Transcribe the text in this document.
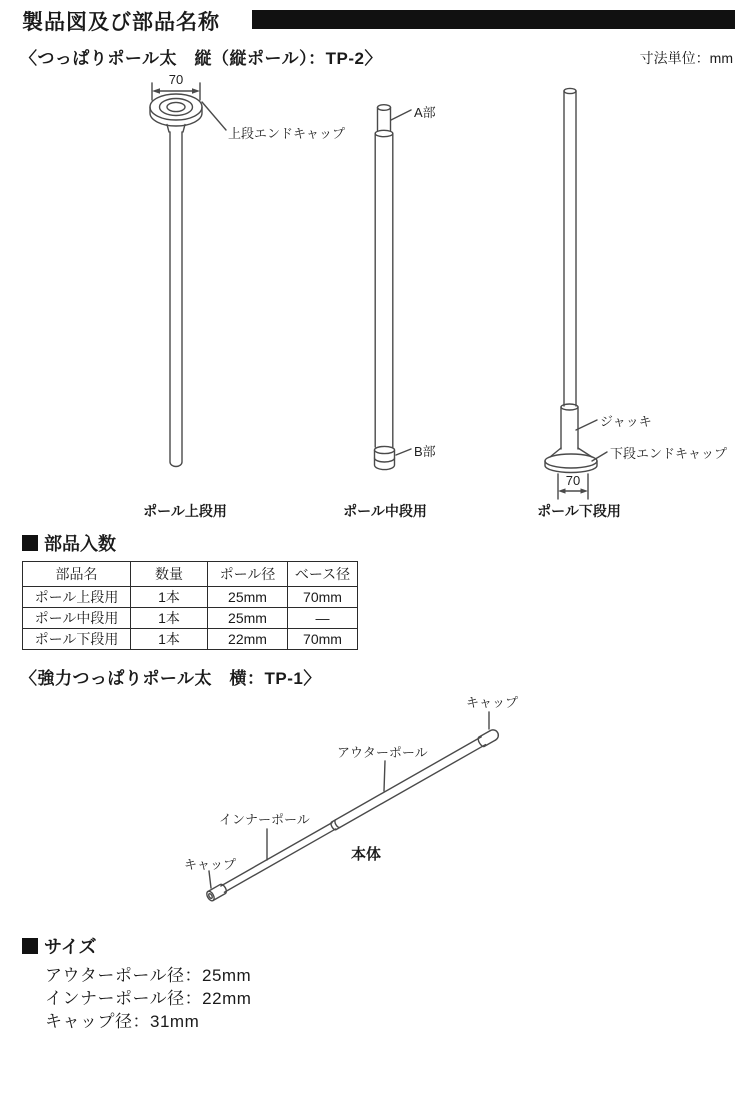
製品図及び部品名称
〈つっぱりポール太　縦（縦ポール）：TP-2〉	寸法単位：mm
70
上段エンドキャップ
ポール上段用
A部
B部
ポール中段用
ジャッキ
下段エンドキャップ
70
ポール下段用
部品入数
部品名	数量	ポール径	ベース径
ポール上段用	1本	25mm	70mm
ポール中段用	1本	25mm	―
ポール下段用	1本	22mm	70mm
〈強力つっぱりポール太　横：TP-1〉
キャップ
アウターポール
インナーポール
キャップ
本体
サイズ
アウターポール径：25mm
インナーポール径：22mm
キャップ径：31mm
